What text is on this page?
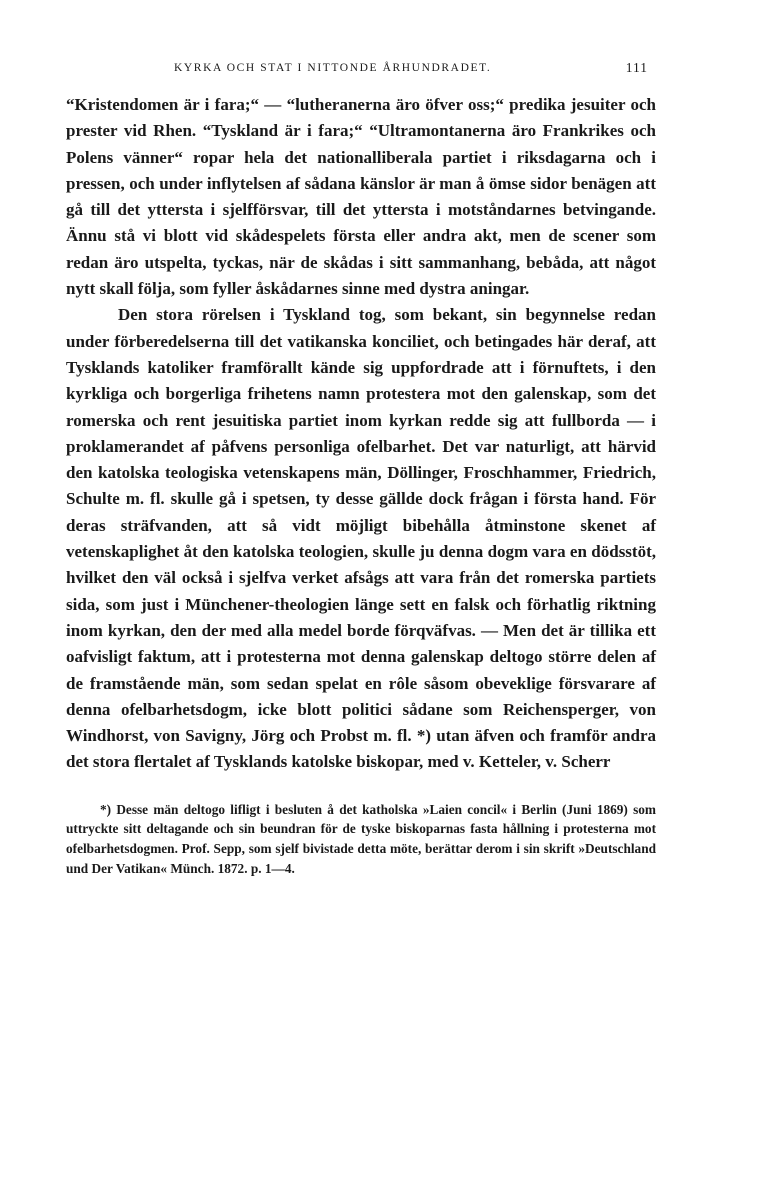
KYRKA OCH STAT I NITTONDE ÅRHUNDRADET.	111

“Kristendomen är i fara;“ — “lutheranerna äro öfver oss;“ predika jesuiter och prester vid Rhen. “Tyskland är i fara;“ “Ultramontanerna äro Frankrikes och Polens vänner“ ropar hela det nationalliberala partiet i riksdagarna och i pressen, och under inflytelsen af sådana känslor är man å ömse sidor benägen att gå till det yttersta i sjelfförsvar, till det yttersta i motståndarnes betvingande. Ännu stå vi blott vid skådespelets första eller andra akt, men de scener som redan äro utspelta, tyckas, när de skådas i sitt sammanhang, bebåda, att något nytt skall följa, som fyller åskådarnes sinne med dystra aningar.

Den stora rörelsen i Tyskland tog, som bekant, sin begynnelse redan under förberedelserna till det vatikanska konciliet, och betingades här deraf, att Tysklands katoliker framförallt kände sig uppfordrade att i förnuftets, i den kyrkliga och borgerliga frihetens namn protestera mot den galenskap, som det romerska och rent jesuitiska partiet inom kyrkan redde sig att fullborda — i proklamerandet af påfvens personliga ofelbarhet. Det var naturligt, att härvid den katolska teologiska vetenskapens män, Döllinger, Froschhammer, Friedrich, Schulte m. fl. skulle gå i spetsen, ty desse gällde dock frågan i första hand. För deras sträfvanden, att så vidt möjligt bibehålla åtminstone skenet af vetenskaplighet åt den katolska teologien, skulle ju denna dogm vara en dödsstöt, hvilket den väl också i sjelfva verket afsågs att vara från det romerska partiets sida, som just i Münchener-theologien länge sett en falsk och förhatlig riktning inom kyrkan, den der med alla medel borde förqväfvas. — Men det är tillika ett oafvisligt faktum, att i protesterna mot denna galenskap deltogo större delen af de framstående män, som sedan spelat en rôle såsom obeveklige försvarare af denna ofelbarhetsdogm, icke blott politici sådane som Reichensperger, von Windhorst, von Savigny, Jörg och Probst m. fl. *) utan äfven och framför andra det stora flertalet af Tysklands katolske biskopar, med v. Ketteler, v. Scherr

*) Desse män deltogo lifligt i besluten å det katholska »Laien concil« i Berlin (Juni 1869) som uttryckte sitt deltagande och sin beundran för de tyske biskoparnas fasta hållning i protesterna mot ofelbarhetsdogmen. Prof. Sepp, som sjelf bivistade detta möte, berättar derom i sin skrift »Deutschland und Der Vatikan« Münch. 1872. p. 1—4.
